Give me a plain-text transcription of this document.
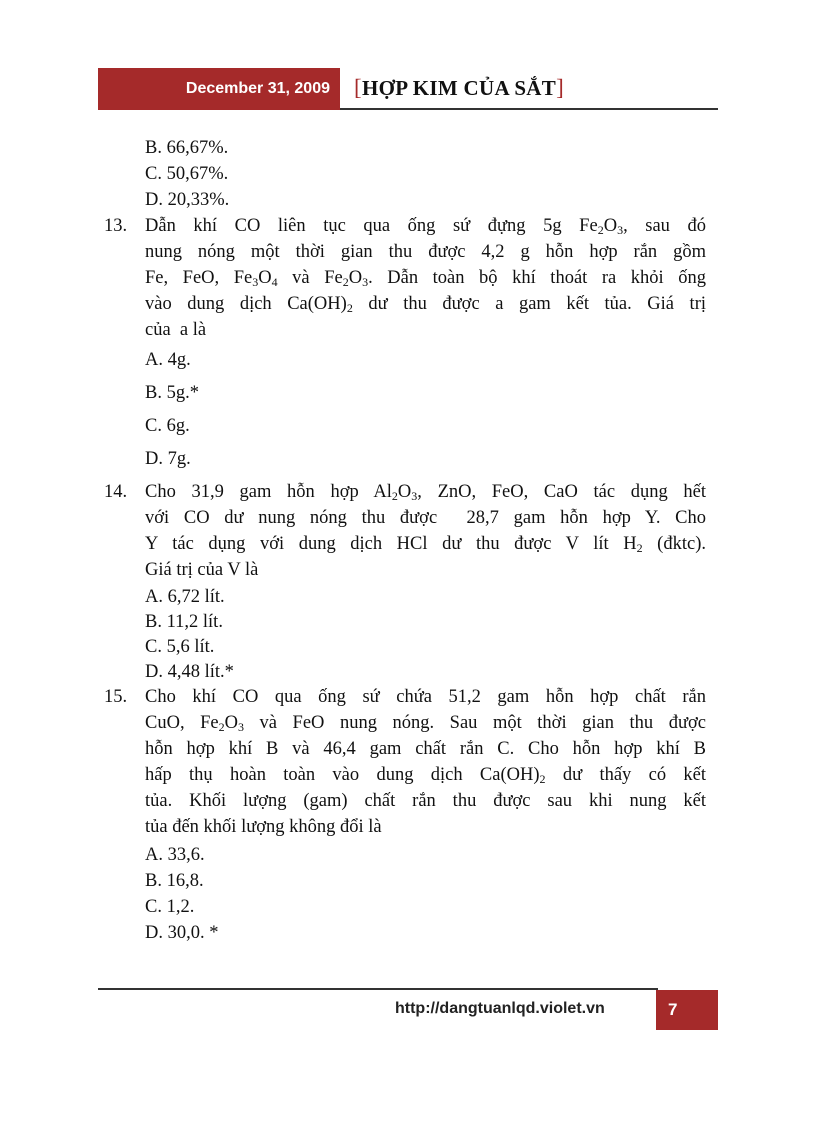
December 31, 2009	[HỢP KIM CỦA SẮT]
B. 66,67%.
C. 50,67%.
D. 20,33%.
13. Dẫn khí CO liên tục qua ống sứ đựng 5g $Fe_2O_3$, sau đó
nung nóng một thời gian thu được 4,2 g hỗn hợp rắn gồm
Fe, FeO, $Fe_3O_4$ và $Fe_2O_3$. Dẫn toàn bộ khí thoát ra khỏi ống
vào dung dịch $Ca(OH)_2$ dư thu được a gam kết tủa. Giá trị
của  a là
A. 4g.
B. 5g.*
C. 6g.
D. 7g.
14. Cho 31,9 gam hỗn hợp $Al_2O_3$, ZnO, FeO, CaO tác dụng hết
với CO dư nung nóng thu được  28,7 gam hỗn hợp Y. Cho
Y tác dụng với dung dịch HCl dư thu được V lít $H_2$ (đktc).
Giá trị của V là
A. 6,72 lít.
B. 11,2 lít.
C. 5,6 lít.
D. 4,48 lít.*
15. Cho khí CO qua ống sứ chứa 51,2 gam hỗn hợp chất rắn
CuO, $Fe_2O_3$ và FeO nung nóng. Sau một thời gian thu được
hỗn hợp khí B và 46,4 gam chất rắn C. Cho hỗn hợp khí B
hấp thụ hoàn toàn vào dung dịch $Ca(OH)_2$ dư thấy có kết
tủa. Khối lượng (gam) chất rắn thu được sau khi nung kết
tủa đến khối lượng không đổi là
A. 33,6.
B. 16,8.
C. 1,2.
D. 30,0. *
http://dangtuanlqd.violet.vn	7
